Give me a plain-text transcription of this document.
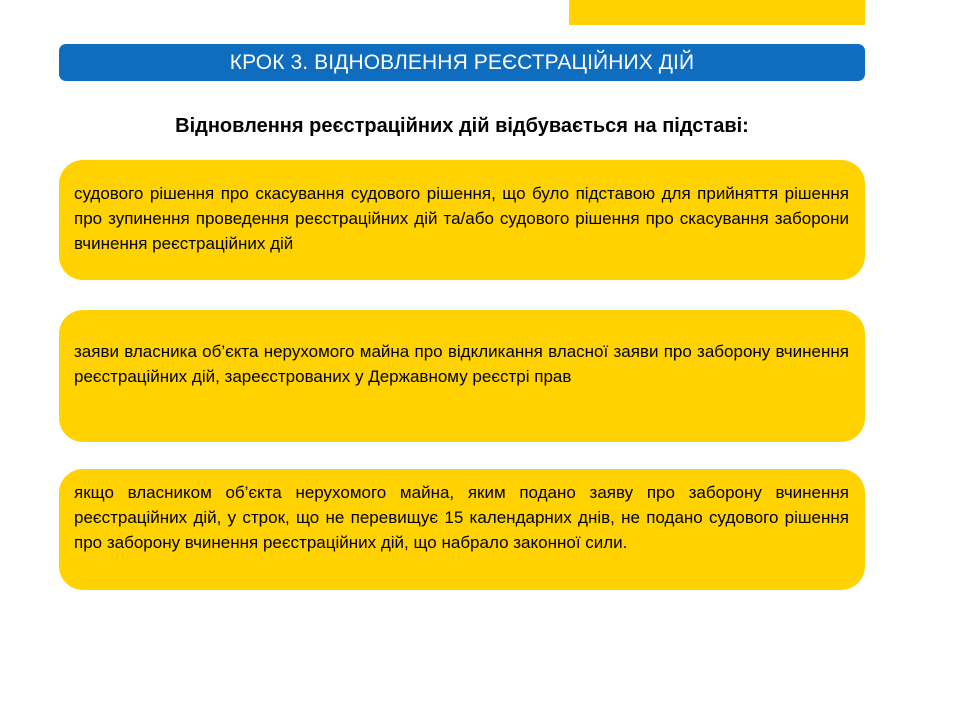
КРОК 3. ВІДНОВЛЕННЯ РЕЄСТРАЦІЙНИХ ДІЙ
Відновлення реєстраційних дій відбувається на підставі:

судового рішення про скасування судового рішення, що було підставою для прийняття рішення про зупинення проведення реєстраційних дій та/або судового рішення про скасування заборони вчинення реєстраційних дій

заяви власника об’єкта нерухомого майна про відкликання власної заяви про заборону вчинення реєстраційних дій, зареєстрованих у Державному реєстрі прав

якщо власником об’єкта нерухомого майна, яким подано заяву про заборону вчинення реєстраційних дій, у строк, що не перевищує 15 календарних днів, не подано судового рішення про заборону вчинення реєстраційних дій, що набрало законної сили.
